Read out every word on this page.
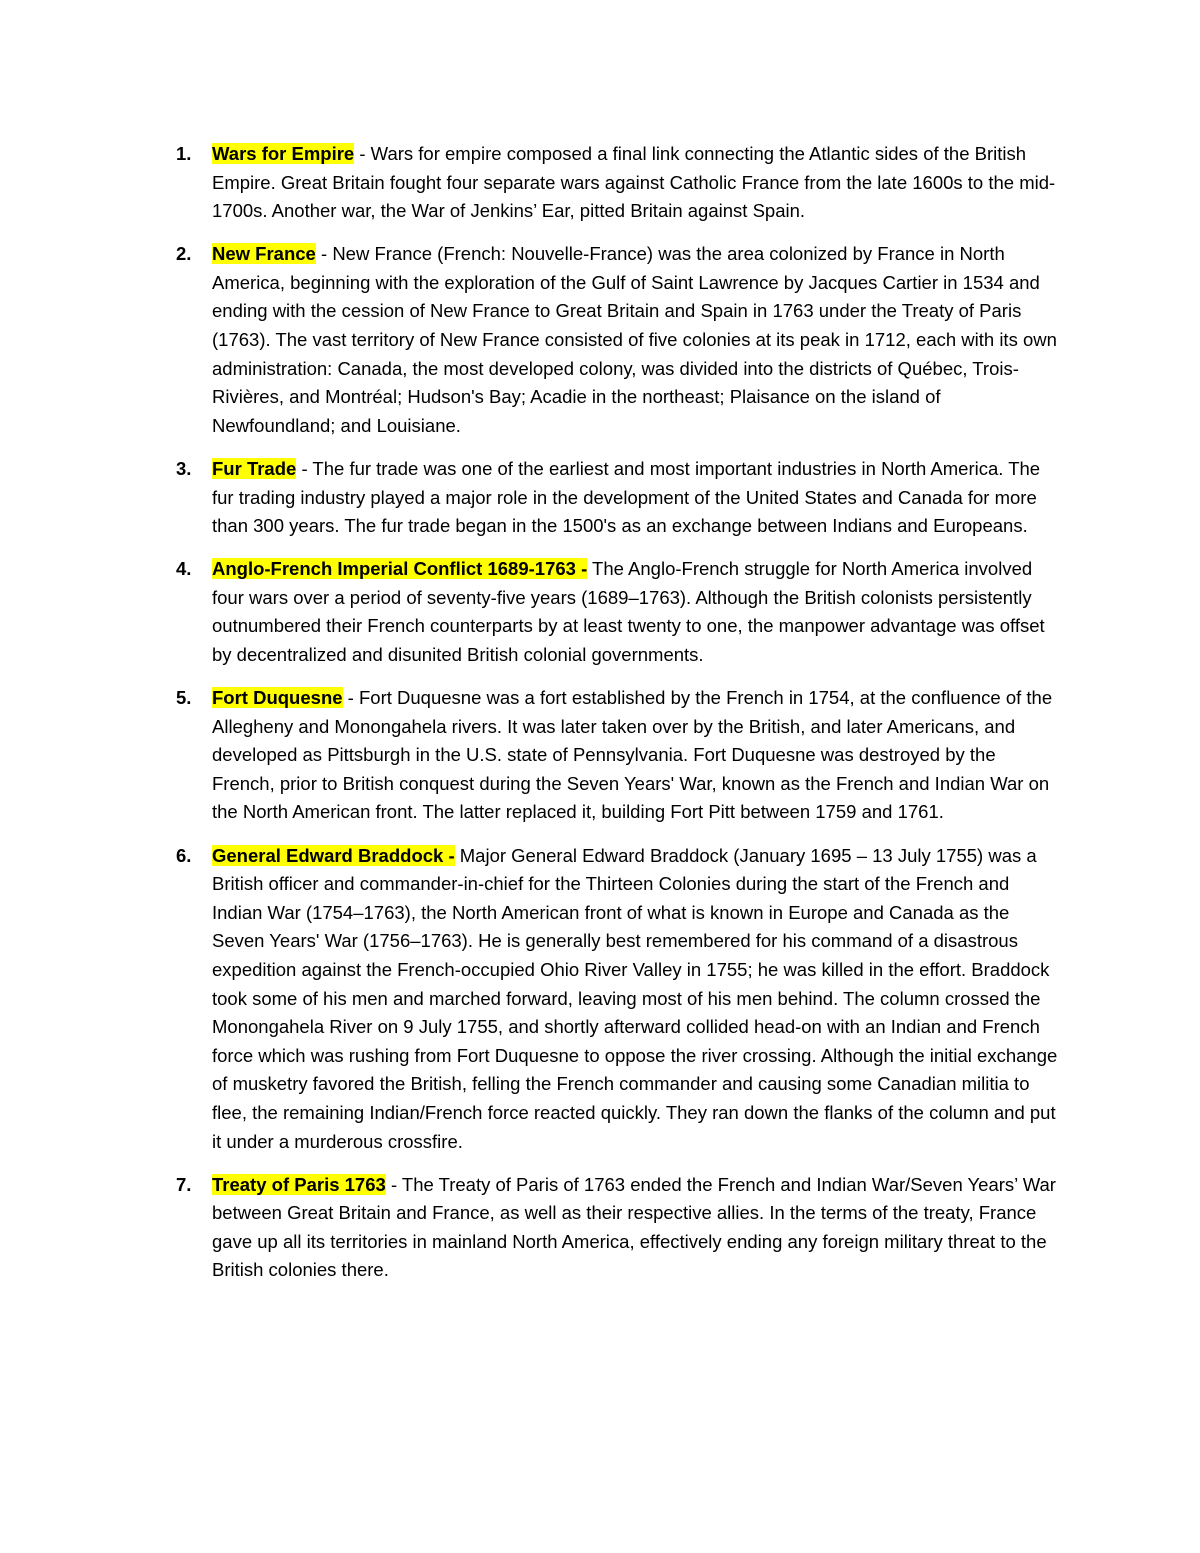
1. Wars for Empire - Wars for empire composed a final link connecting the Atlantic sides of the British Empire. Great Britain fought four separate wars against Catholic France from the late 1600s to the mid-1700s. Another war, the War of Jenkins’ Ear, pitted Britain against Spain.
2. New France - New France (French: Nouvelle-France) was the area colonized by France in North America, beginning with the exploration of the Gulf of Saint Lawrence by Jacques Cartier in 1534 and ending with the cession of New France to Great Britain and Spain in 1763 under the Treaty of Paris (1763). The vast territory of New France consisted of five colonies at its peak in 1712, each with its own administration: Canada, the most developed colony, was divided into the districts of Québec, Trois-Rivières, and Montréal; Hudson's Bay; Acadie in the northeast; Plaisance on the island of Newfoundland; and Louisiane.
3. Fur Trade - The fur trade was one of the earliest and most important industries in North America. The fur trading industry played a major role in the development of the United States and Canada for more than 300 years. The fur trade began in the 1500's as an exchange between Indians and Europeans.
4. Anglo-French Imperial Conflict 1689-1763 - The Anglo-French struggle for North America involved four wars over a period of seventy-five years (1689–1763). Although the British colonists persistently outnumbered their French counterparts by at least twenty to one, the manpower advantage was offset by decentralized and disunited British colonial governments.
5. Fort Duquesne - Fort Duquesne was a fort established by the French in 1754, at the confluence of the Allegheny and Monongahela rivers. It was later taken over by the British, and later Americans, and developed as Pittsburgh in the U.S. state of Pennsylvania. Fort Duquesne was destroyed by the French, prior to British conquest during the Seven Years' War, known as the French and Indian War on the North American front. The latter replaced it, building Fort Pitt between 1759 and 1761.
6. General Edward Braddock - Major General Edward Braddock (January 1695 – 13 July 1755) was a British officer and commander-in-chief for the Thirteen Colonies during the start of the French and Indian War (1754–1763), the North American front of what is known in Europe and Canada as the Seven Years' War (1756–1763). He is generally best remembered for his command of a disastrous expedition against the French-occupied Ohio River Valley in 1755; he was killed in the effort. Braddock took some of his men and marched forward, leaving most of his men behind. The column crossed the Monongahela River on 9 July 1755, and shortly afterward collided head-on with an Indian and French force which was rushing from Fort Duquesne to oppose the river crossing. Although the initial exchange of musketry favored the British, felling the French commander and causing some Canadian militia to flee, the remaining Indian/French force reacted quickly. They ran down the flanks of the column and put it under a murderous crossfire.
7. Treaty of Paris 1763 - The Treaty of Paris of 1763 ended the French and Indian War/Seven Years’ War between Great Britain and France, as well as their respective allies. In the terms of the treaty, France gave up all its territories in mainland North America, effectively ending any foreign military threat to the British colonies there.
